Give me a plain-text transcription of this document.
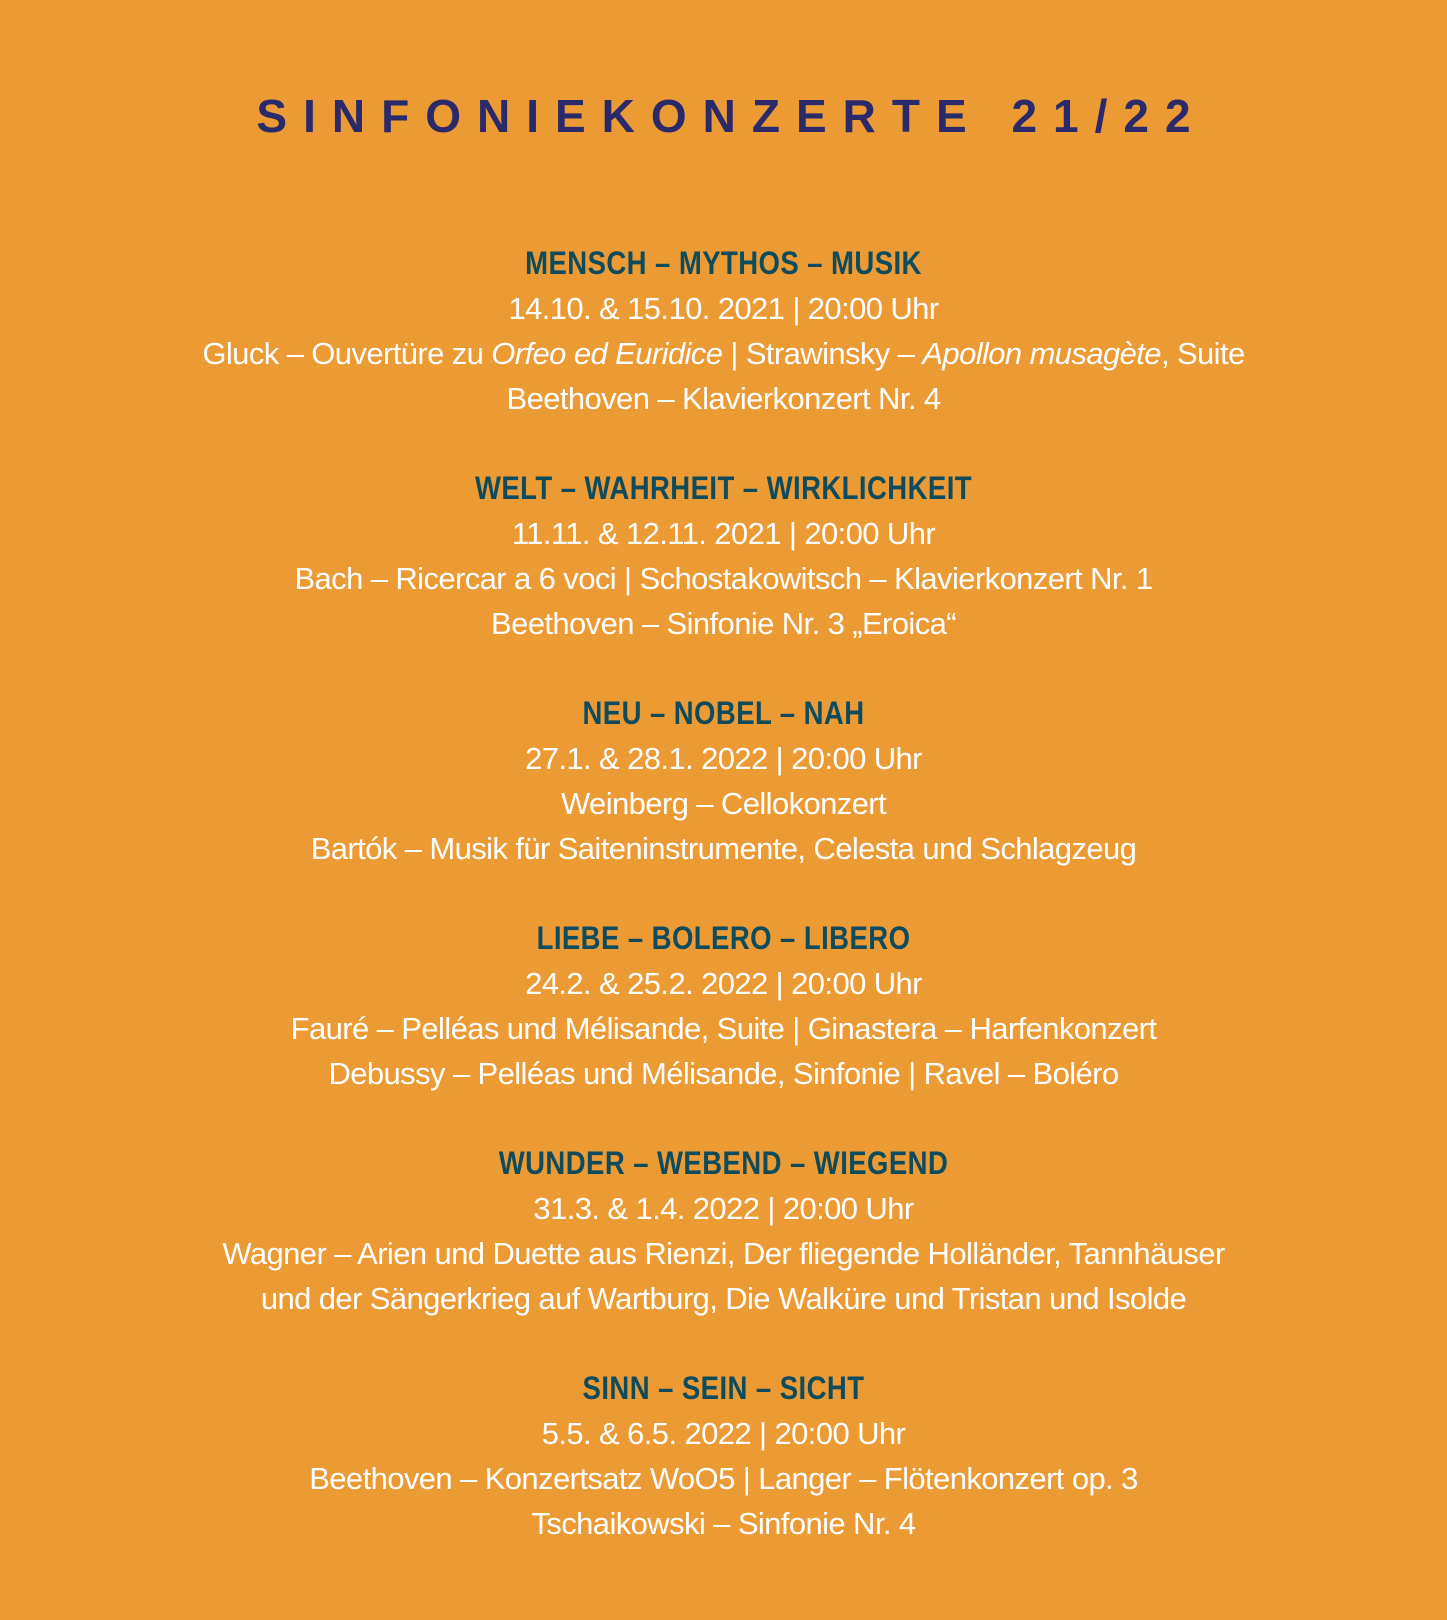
SINFONIEKONZERTE 21/22
MENSCH – MYTHOS – MUSIK
14.10. & 15.10. 2021 | 20:00 Uhr
Gluck – Ouvertüre zu Orfeo ed Euridice | Strawinsky – Apollon musagète, Suite
Beethoven – Klavierkonzert Nr. 4
WELT – WAHRHEIT – WIRKLICHKEIT
11.11. & 12.11. 2021 | 20:00 Uhr
Bach – Ricercar a 6 voci | Schostakowitsch – Klavierkonzert Nr. 1
Beethoven – Sinfonie Nr. 3 „Eroica“
NEU – NOBEL – NAH
27.1. & 28.1. 2022 | 20:00 Uhr
Weinberg – Cellokonzert
Bartók – Musik für Saiteninstrumente, Celesta und Schlagzeug
LIEBE – BOLERO – LIBERO
24.2. & 25.2. 2022 | 20:00 Uhr
Fauré – Pelléas und Mélisande, Suite | Ginastera – Harfenkonzert
Debussy – Pelléas und Mélisande, Sinfonie | Ravel – Boléro
WUNDER – WEBEND – WIEGEND
31.3. & 1.4. 2022 | 20:00 Uhr
Wagner – Arien und Duette aus Rienzi, Der fliegende Holländer, Tannhäuser
und der Sängerkrieg auf Wartburg, Die Walküre und Tristan und Isolde
SINN – SEIN – SICHT
5.5. & 6.5. 2022 | 20:00 Uhr
Beethoven – Konzertsatz WoO5 | Langer – Flötenkonzert op. 3
Tschaikowski – Sinfonie Nr. 4
